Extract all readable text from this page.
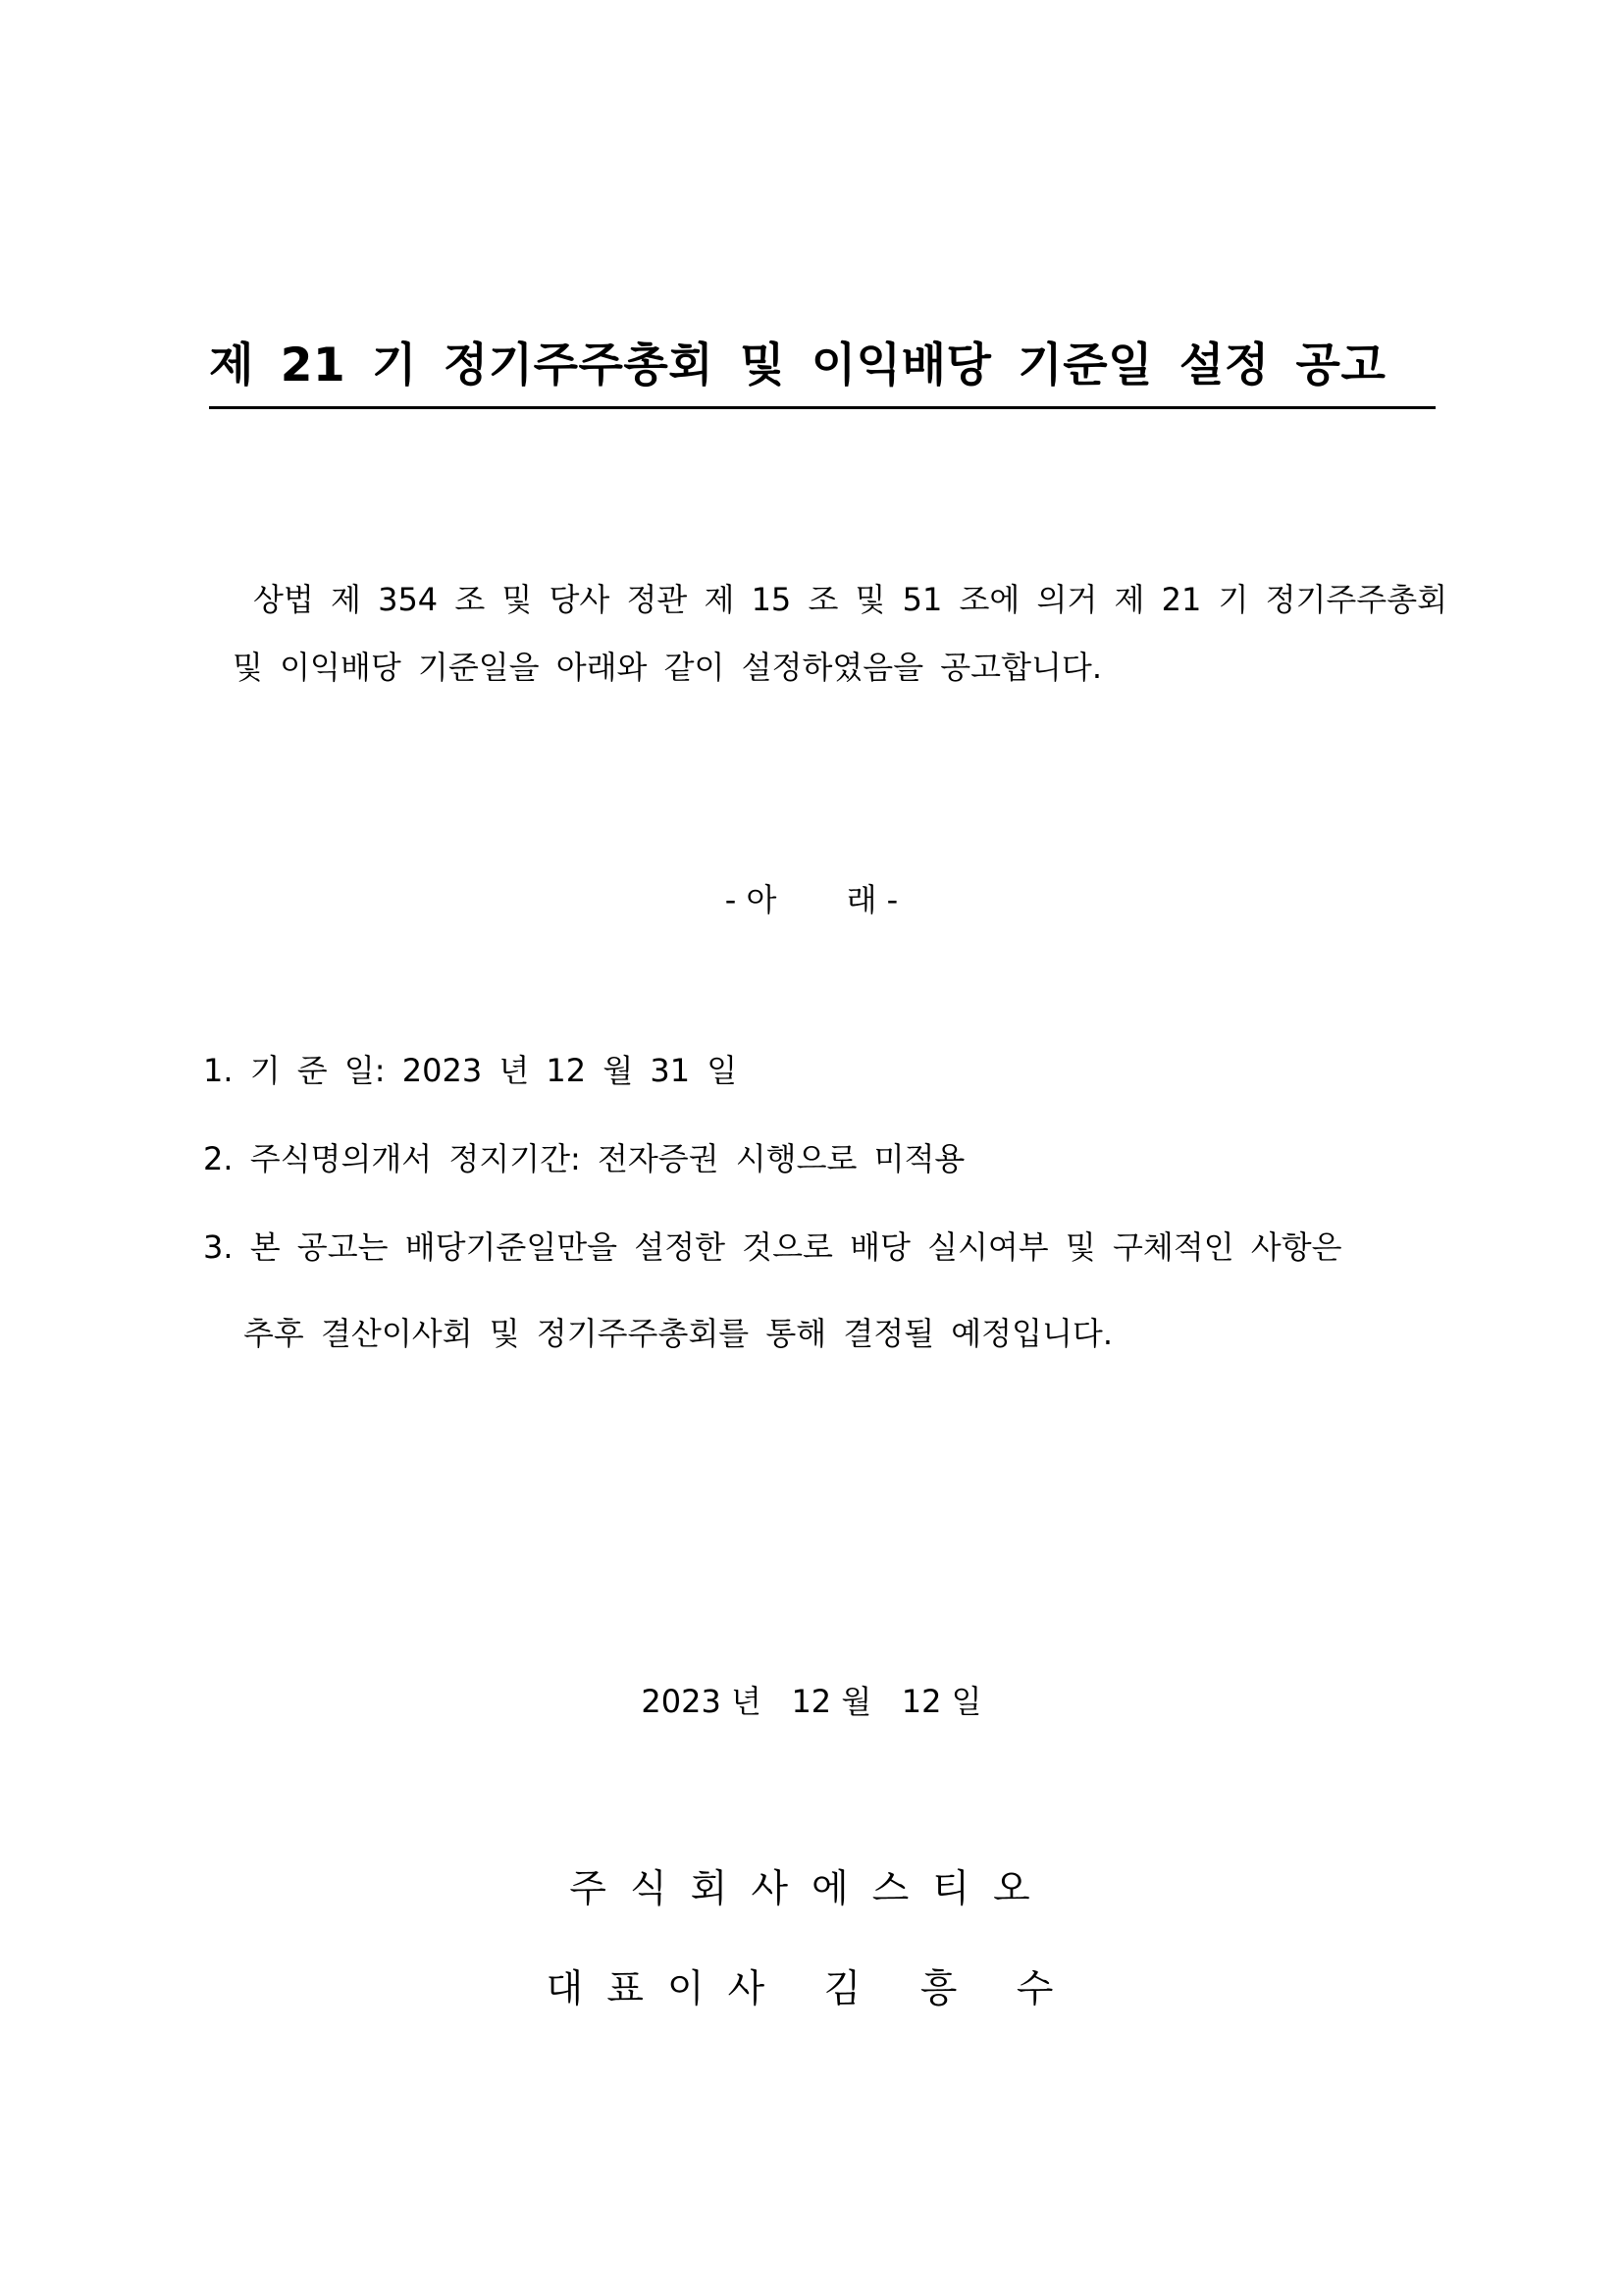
제 21 기 정기주주총회 및 이익배당 기준일 설정 공고
상법 제 354 조 및 당사 정관 제 15 조 및 51 조에 의거 제 21 기 정기주주총회
및 이익배당 기준일을 아래와 같이 설정하였음을 공고합니다.
- 아       래 -
1. 기 준 일: 2023 년 12 월 31 일
2. 주식명의개서 정지기간: 전자증권 시행으로 미적용
3. 본 공고는 배당기준일만을 설정한 것으로 배당 실시여부 및 구체적인 사항은
추후 결산이사회 및 정기주주총회를 통해 결정될 예정입니다.
2023 년   12 월   12 일
주식회사에스티오
대표이사 김 흥 수
